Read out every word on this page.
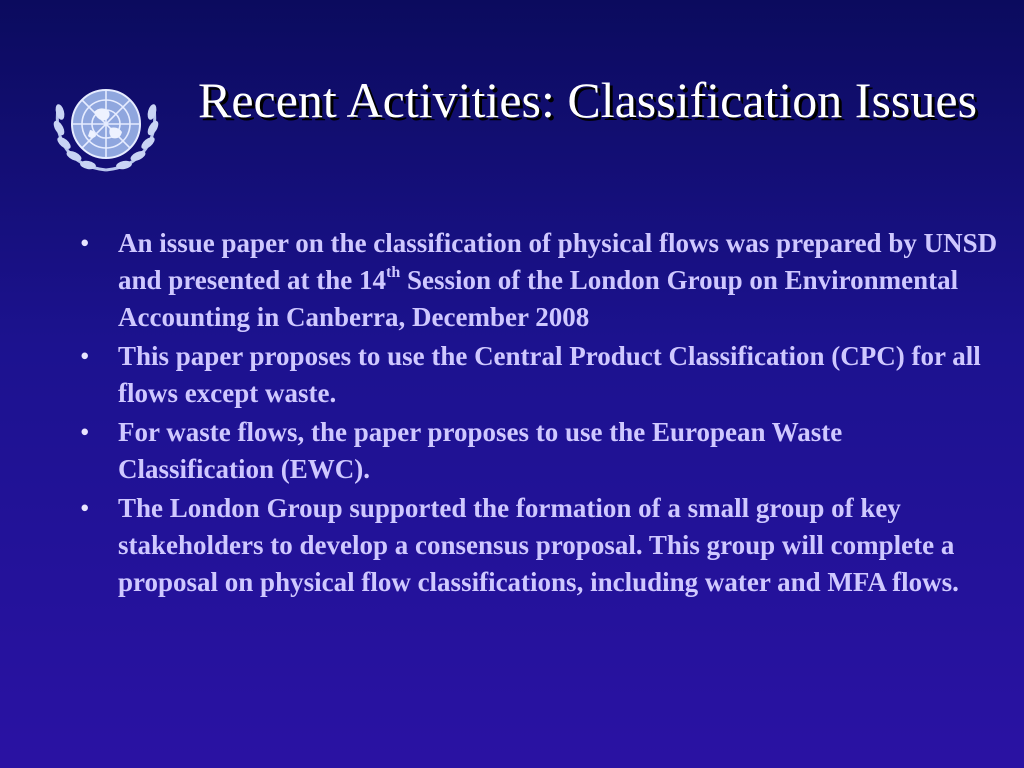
Recent Activities: Classification Issues
• An issue paper on the classification of physical flows was prepared by UNSD and presented at the 14th Session of the London Group on Environmental Accounting in Canberra, December 2008
• This paper proposes to use the Central Product Classification (CPC) for all flows except waste.
• For waste flows, the paper proposes to use the European Waste Classification (EWC).
• The London Group supported the formation of a small group of key stakeholders to develop a consensus proposal. This group will complete a proposal on physical flow classifications, including water and MFA flows.
